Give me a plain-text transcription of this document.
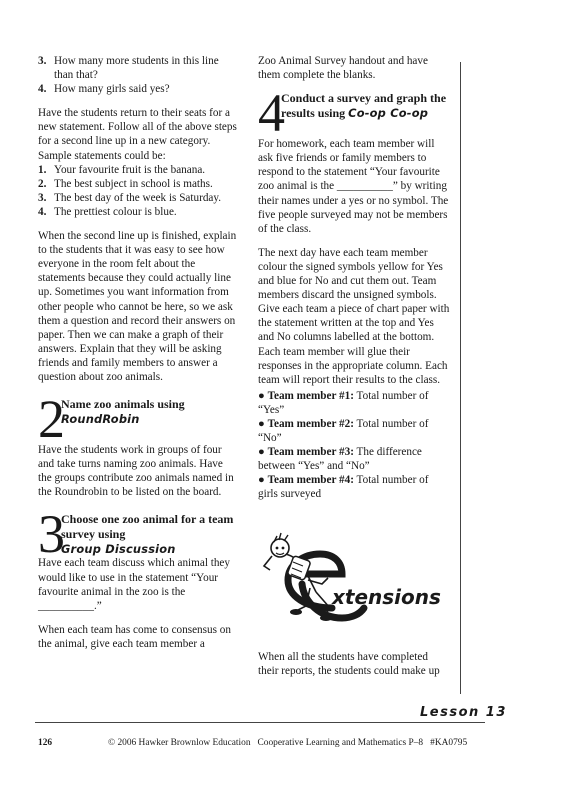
3. How many more students in this line than that?
4. How many girls said yes?

Have the students return to their seats for a new statement. Follow all of the above steps for a second line up in a new category. Sample statements could be:

1. Your favourite fruit is the banana.
2. The best subject in school is maths.
3. The best day of the week is Saturday.
4. The prettiest colour is blue.

When the second line up is finished, explain to the students that it was easy to see how everyone in the room felt about the statements because they could actually line up. Sometimes you want information from other people who cannot be here, so we ask them a question and record their answers on paper. Then we can make a graph of their answers. Explain that they will be asking friends and family members to answer a question about zoo animals.

2
Name zoo animals using
RoundRobin

Have the students work in groups of four and take turns naming zoo animals. Have the groups contribute zoo animals named in the Roundrobin to be listed on the board.

3
Choose one zoo animal for a team survey using
Group Discussion

Have each team discuss which animal they would like to use in the statement “Your favourite animal in the zoo is the __________.”

When each team has come to consensus on the animal, give each team member a

Zoo Animal Survey handout and have them complete the blanks.

4
Conduct a survey and graph the results using Co-op Co-op

For homework, each team member will ask five friends or family members to respond to the statement “Your favourite zoo animal is the __________” by writing their names under a yes or no symbol. The five people surveyed may not be members of the class.

The next day have each team member colour the signed symbols yellow for Yes and blue for No and cut them out. Team members discard the unsigned symbols. Give each team a piece of chart paper with the statement written at the top and Yes and No columns labelled at the bottom. Each team member will glue their responses in the appropriate column. Each team will report their results to the class.

● Team member #1: Total number of “Yes”

● Team member #2: Total number of “No”

● Team member #3: The difference between “Yes” and “No”

● Team member #4: Total number of girls surveyed

xtensions
When all the students have completed their reports, the students could make up
Lesson 13
126	© 2006 Hawker Brownlow Education   Cooperative Learning and Mathematics P–8   #KA0795
